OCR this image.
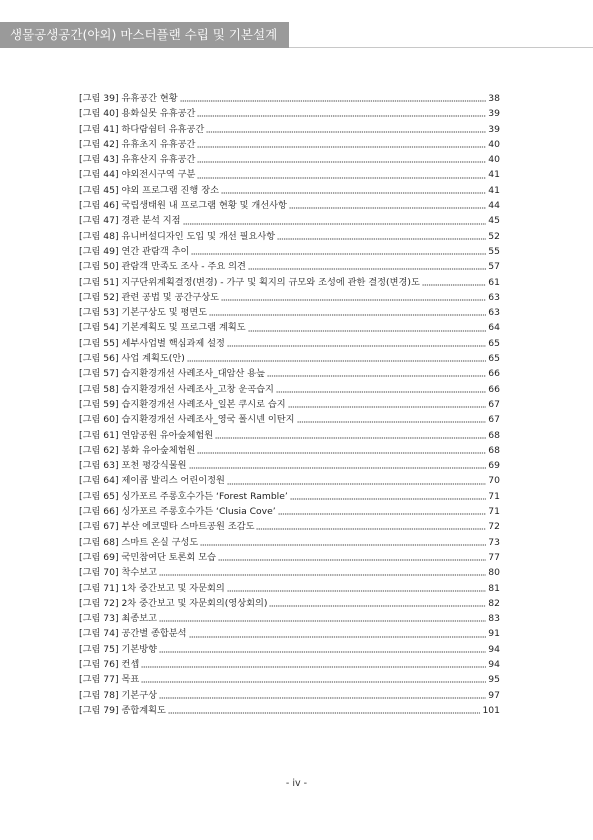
생물공생공간(야외) 마스터플랜 수립 및 기본설계
[그림 39] 유휴공간 현황	38
[그림 40] 용화실못 유휴공간	39
[그림 41] 하다람쉼터 유휴공간	39
[그림 42] 유휴초지 유휴공간	40
[그림 43] 유휴산지 유휴공간	40
[그림 44] 야외전시구역 구분	41
[그림 45] 야외 프로그램 진행 장소	41
[그림 46] 국립생태원 내 프로그램 현황 및 개선사항	44
[그림 47] 경관 분석 지점	45
[그림 48] 유니버설디자인 도입 및 개선 필요사항	52
[그림 49] 연간 관람객 추이	55
[그림 50] 관람객 만족도 조사 - 주요 의견	57
[그림 51] 지구단위계획결정(변경) - 가구 및 획지의 규모와 조성에 관한 결정(변경)도	61
[그림 52] 관련 공법 및 공간구상도	63
[그림 53] 기본구상도 및 평면도	63
[그림 54] 기본계획도 및 프로그램 계획도	64
[그림 55] 세부사업별 핵심과제 설정	65
[그림 56] 사업 계획도(안)	65
[그림 57] 습지환경개선 사례조사_대암산 용늪	66
[그림 58] 습지환경개선 사례조사_고창 운곡습지	66
[그림 59] 습지환경개선 사례조사_일본 쿠시로 습지	67
[그림 60] 습지환경개선 사례조사_영국 폴시넨 이탄지	67
[그림 61] 연암공원 유아숲체험원	68
[그림 62] 봉화 유아숲체험원	68
[그림 63] 포천 평강식물원	69
[그림 64] 제이콥 발리스 어린이정원	70
[그림 65] 싱가포르 주롱호수가든 ‘Forest Ramble’	71
[그림 66] 싱가포르 주롱호수가든 ‘Clusia Cove’	71
[그림 67] 부산 에코델타 스마트공원 조감도	72
[그림 68] 스마트 온실 구성도	73
[그림 69] 국민참여단 토론회 모습	77
[그림 70] 착수보고	80
[그림 71] 1차 중간보고 및 자문회의	81
[그림 72] 2차 중간보고 및 자문회의(영상회의)	82
[그림 73] 최종보고	83
[그림 74] 공간별 종합분석	91
[그림 75] 기본방향	94
[그림 76] 컨셉	94
[그림 77] 목표	95
[그림 78] 기본구상	97
[그림 79] 종합계획도	101
- iv -
